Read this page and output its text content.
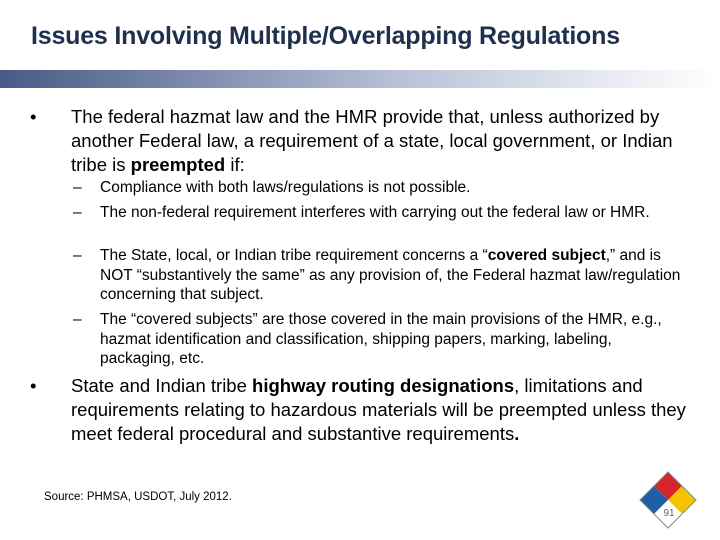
Issues Involving Multiple/Overlapping Regulations
• The federal hazmat law and the HMR provide that, unless authorized by another Federal law, a requirement of a state, local government, or Indian tribe is preempted if:
– Compliance with both laws/regulations is not possible.
– The non-federal requirement interferes with carrying out the federal law or HMR.
– The State, local, or Indian tribe requirement concerns a “covered subject,” and is NOT “substantively the same” as any provision of, the Federal hazmat law/regulation concerning that subject.
– The “covered subjects” are those covered in the main provisions of the HMR, e.g., hazmat identification and classification, shipping papers, marking, labeling, packaging, etc.
• State and Indian tribe highway routing designations, limitations and requirements relating to hazardous materials will be preempted unless they meet federal procedural and substantive requirements.
Source: PHMSA, USDOT, July 2012.
91
